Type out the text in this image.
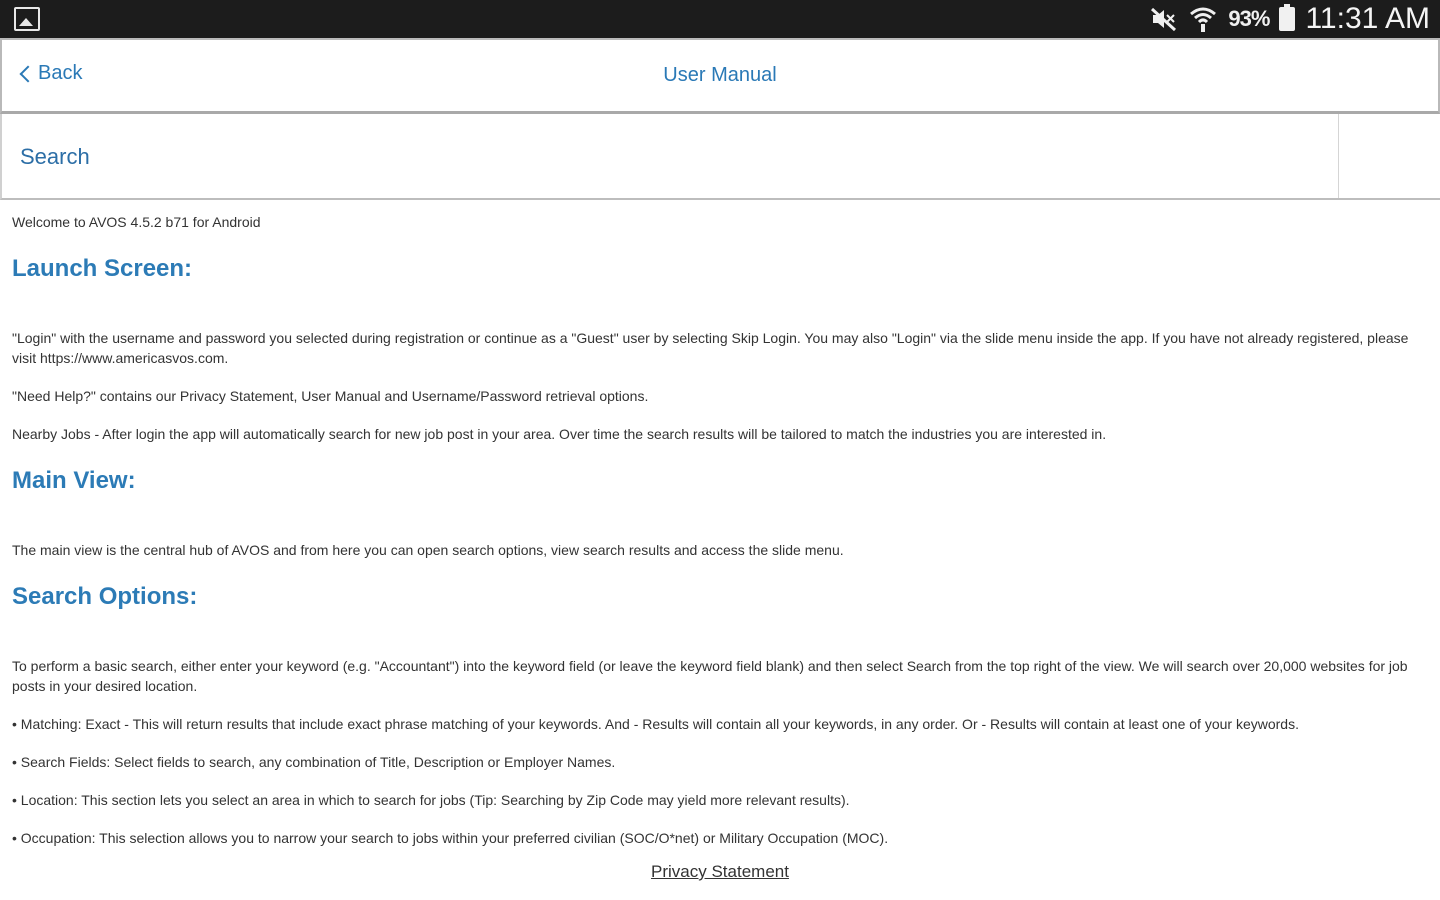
93% 11:31 AM
Back	User Manual
Search
Welcome to AVOS 4.5.2 b71 for Android
Launch Screen:
"Login" with the username and password you selected during registration or continue as a "Guest" user by selecting Skip Login. You may also "Login" via the slide menu inside the app. If you have not already registered, please visit https://www.americasvos.com.
"Need Help?" contains our Privacy Statement, User Manual and Username/Password retrieval options.
Nearby Jobs - After login the app will automatically search for new job post in your area. Over time the search results will be tailored to match the industries you are interested in.
Main View:
The main view is the central hub of AVOS and from here you can open search options, view search results and access the slide menu.
Search Options:
To perform a basic search, either enter your keyword (e.g. "Accountant") into the keyword field (or leave the keyword field blank) and then select Search from the top right of the view. We will search over 20,000 websites for job posts in your desired location.
• Matching: Exact - This will return results that include exact phrase matching of your keywords. And - Results will contain all your keywords, in any order. Or - Results will contain at least one of your keywords.
• Search Fields: Select fields to search, any combination of Title, Description or Employer Names.
• Location: This section lets you select an area in which to search for jobs (Tip: Searching by Zip Code may yield more relevant results).
• Occupation: This selection allows you to narrow your search to jobs within your preferred civilian (SOC/O*net) or Military Occupation (MOC).
Privacy Statement
